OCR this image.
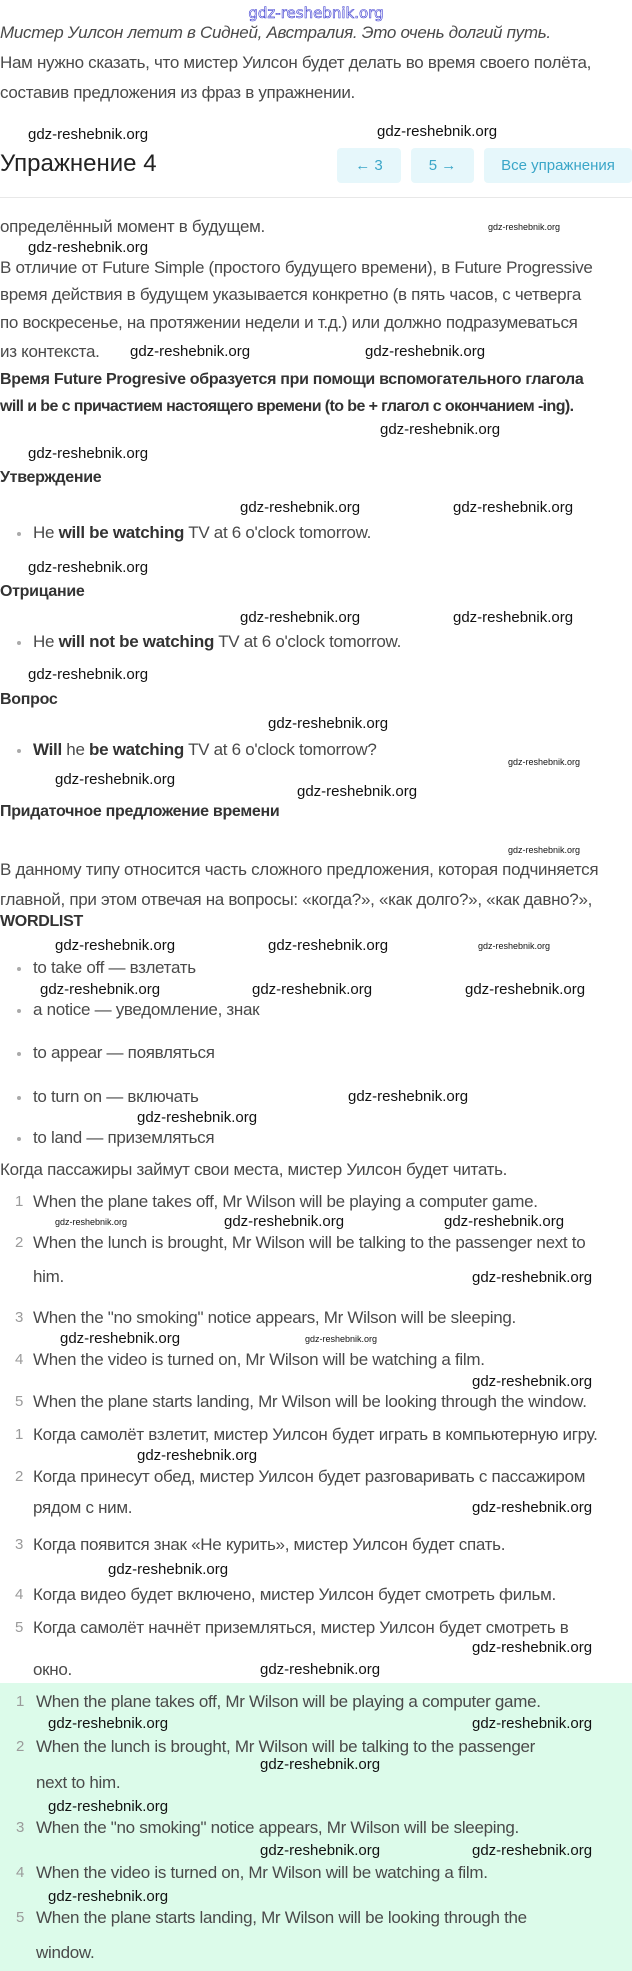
gdz-reshebnik.org
Мистер Уилсон летит в Сидней, Австралия. Это очень долгий путь.
Нам нужно сказать, что мистер Уилсон будет делать во время своего полёта,
составив предложения из фраз в упражнении.
Упражнение 4	← 3	5 →	Все упражнения
определённый момент в будущем.
В отличие от Future Simple (простого будущего времени), в Future Progressive
время действия в будущем указывается конкретно (в пять часов, с четверга
по воскресенье, на протяжении недели и т.д.) или должно подразумеваться
из контекста.
Время Future Progresive образуется при помощи вспомогательного глагола
will и be с причастием настоящего времени (to be + глагол с окончанием -ing).
Утверждение
He will be watching TV at 6 o'clock tomorrow.
Отрицание
He will not be watching TV at 6 o'clock tomorrow.
Вопрос
Will he be watching TV at 6 o'clock tomorrow?
Придаточное предложение времени
В данному типу относится часть сложного предложения, которая подчиняется
главной, при этом отвечая на вопросы: «когда?», «как долго?», «как давно?»,
WORDLIST
to take off — взлетать
a notice — уведомление, знак
to appear — появляться
to turn on — включать
to land — приземляться
Когда пассажиры займут свои места, мистер Уилсон будет читать.
1 When the plane takes off, Mr Wilson will be playing a computer game.
2 When the lunch is brought, Mr Wilson will be talking to the passenger next to
him.
3 When the "no smoking" notice appears, Mr Wilson will be sleeping.
4 When the video is turned on, Mr Wilson will be watching a film.
5 When the plane starts landing, Mr Wilson will be looking through the window.
1 Когда самолёт взлетит, мистер Уилсон будет играть в компьютерную игру.
2 Когда принесут обед, мистер Уилсон будет разговаривать с пассажиром
рядом с ним.
3 Когда появится знак «Не курить», мистер Уилсон будет спать.
4 Когда видео будет включено, мистер Уилсон будет смотреть фильм.
5 Когда самолёт начнёт приземляться, мистер Уилсон будет смотреть в
окно.
1 When the plane takes off, Mr Wilson will be playing a computer game.
2 When the lunch is brought, Mr Wilson will be talking to the passenger
next to him.
3 When the "no smoking" notice appears, Mr Wilson will be sleeping.
4 When the video is turned on, Mr Wilson will be watching a film.
5 When the plane starts landing, Mr Wilson will be looking through the
window.
gdz-reshebnik.org
gdz-reshebnik.org
gdz-reshebnik.org
gdz-reshebnik.org
gdz-reshebnik.org
gdz-reshebnik.org
gdz-reshebnik.org
gdz-reshebnik.org
gdz-reshebnik.org	gdz-reshebnik.org
gdz-reshebnik.org
gdz-reshebnik.org	gdz-reshebnik.org
gdz-reshebnik.org
gdz-reshebnik.org
gdz-reshebnik.org
gdz-reshebnik.org
gdz-reshebnik.org
gdz-reshebnik.org
gdz-reshebnik.org	gdz-reshebnik.org	gdz-reshebnik.org
gdz-reshebnik.org	gdz-reshebnik.org	gdz-reshebnik.org
gdz-reshebnik.org
gdz-reshebnik.org
gdz-reshebnik.org
gdz-reshebnik.org	gdz-reshebnik.org
gdz-reshebnik.org
gdz-reshebnik.org	gdz-reshebnik.org
gdz-reshebnik.org
gdz-reshebnik.org
gdz-reshebnik.org
gdz-reshebnik.org
gdz-reshebnik.org
gdz-reshebnik.org
gdz-reshebnik.org	gdz-reshebnik.org
gdz-reshebnik.org
gdz-reshebnik.org
gdz-reshebnik.org
gdz-reshebnik.org
gdz-reshebnik.org
